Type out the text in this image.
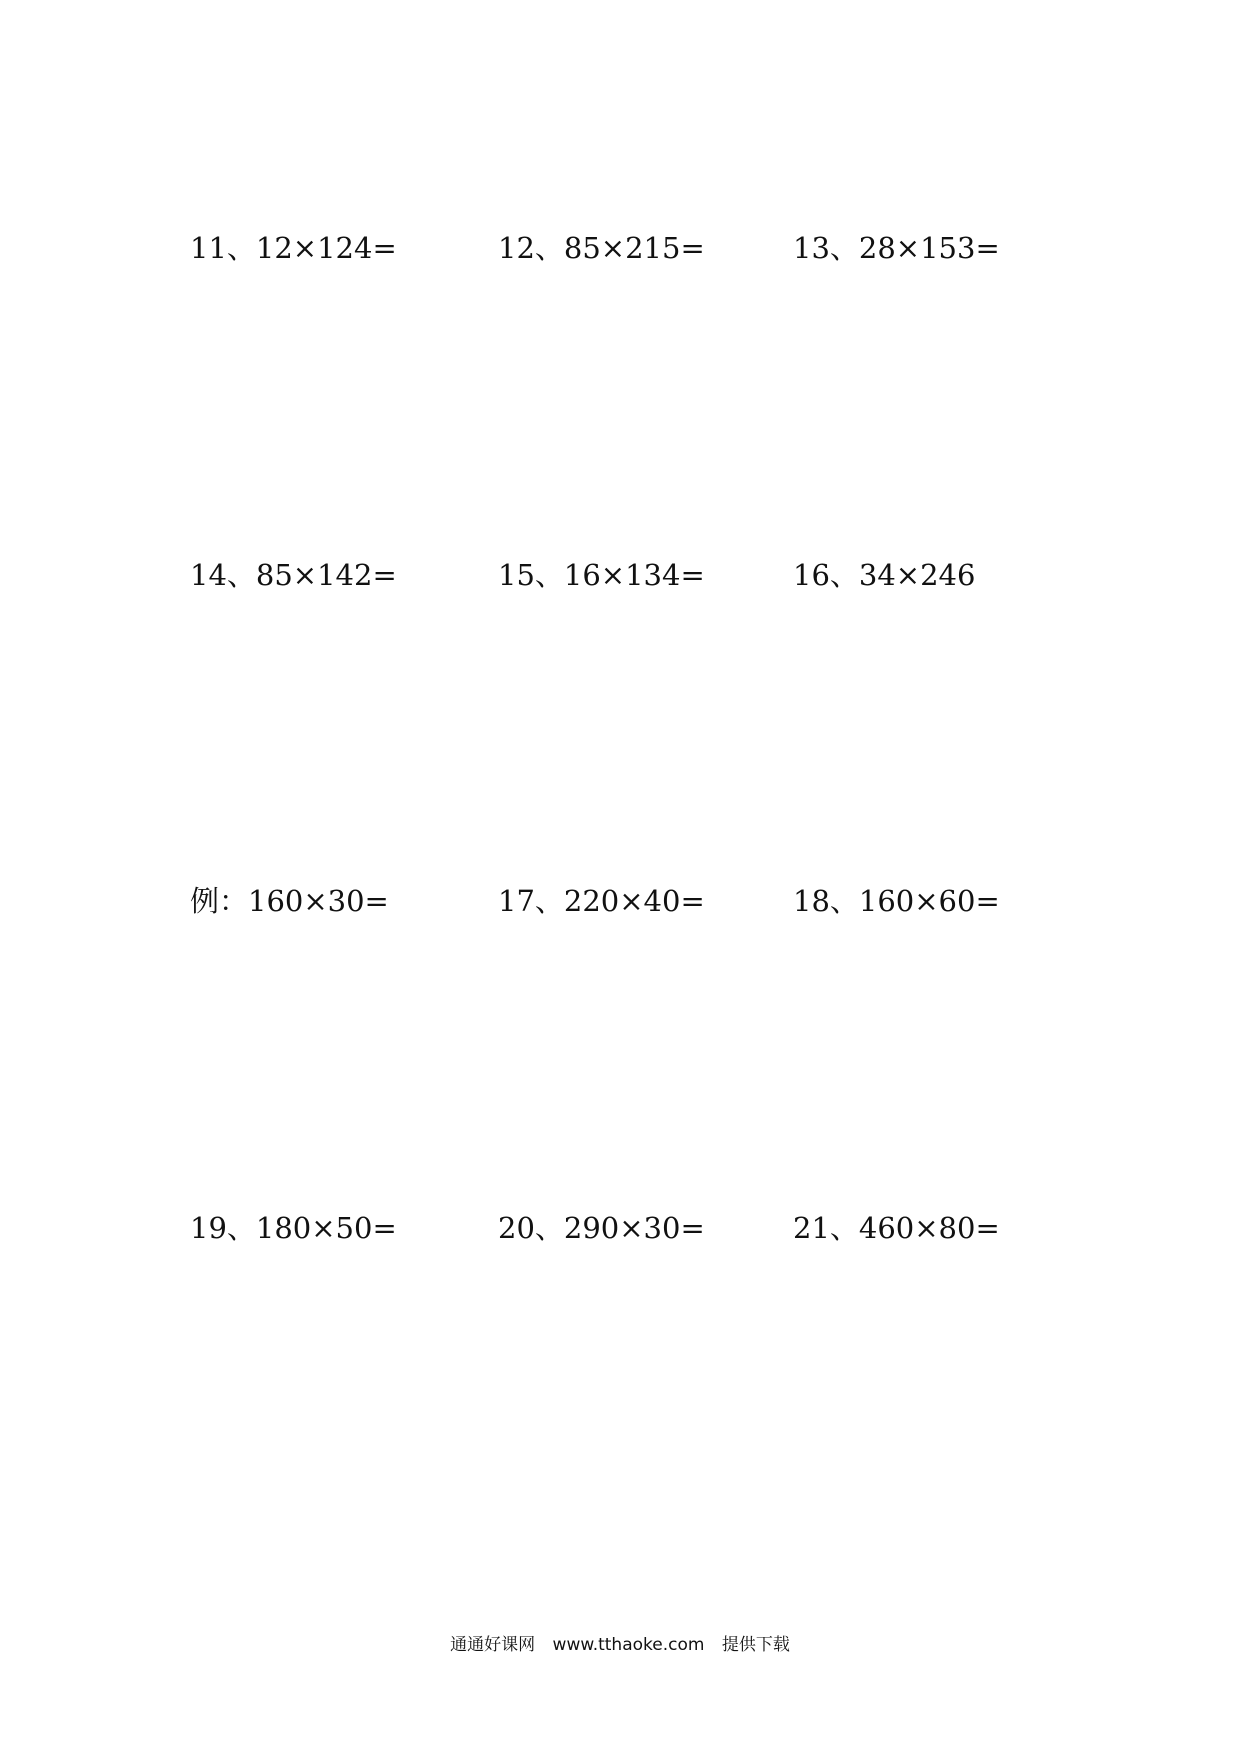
11、12×124=	12、85×215=	13、28×153=
14、85×142=	15、16×134=	16、34×246
例：160×30=	17、220×40=	18、160×60=
19、180×50=	20、290×30=	21、460×80=
通通好课网 www.tthaoke.com 提供下载
